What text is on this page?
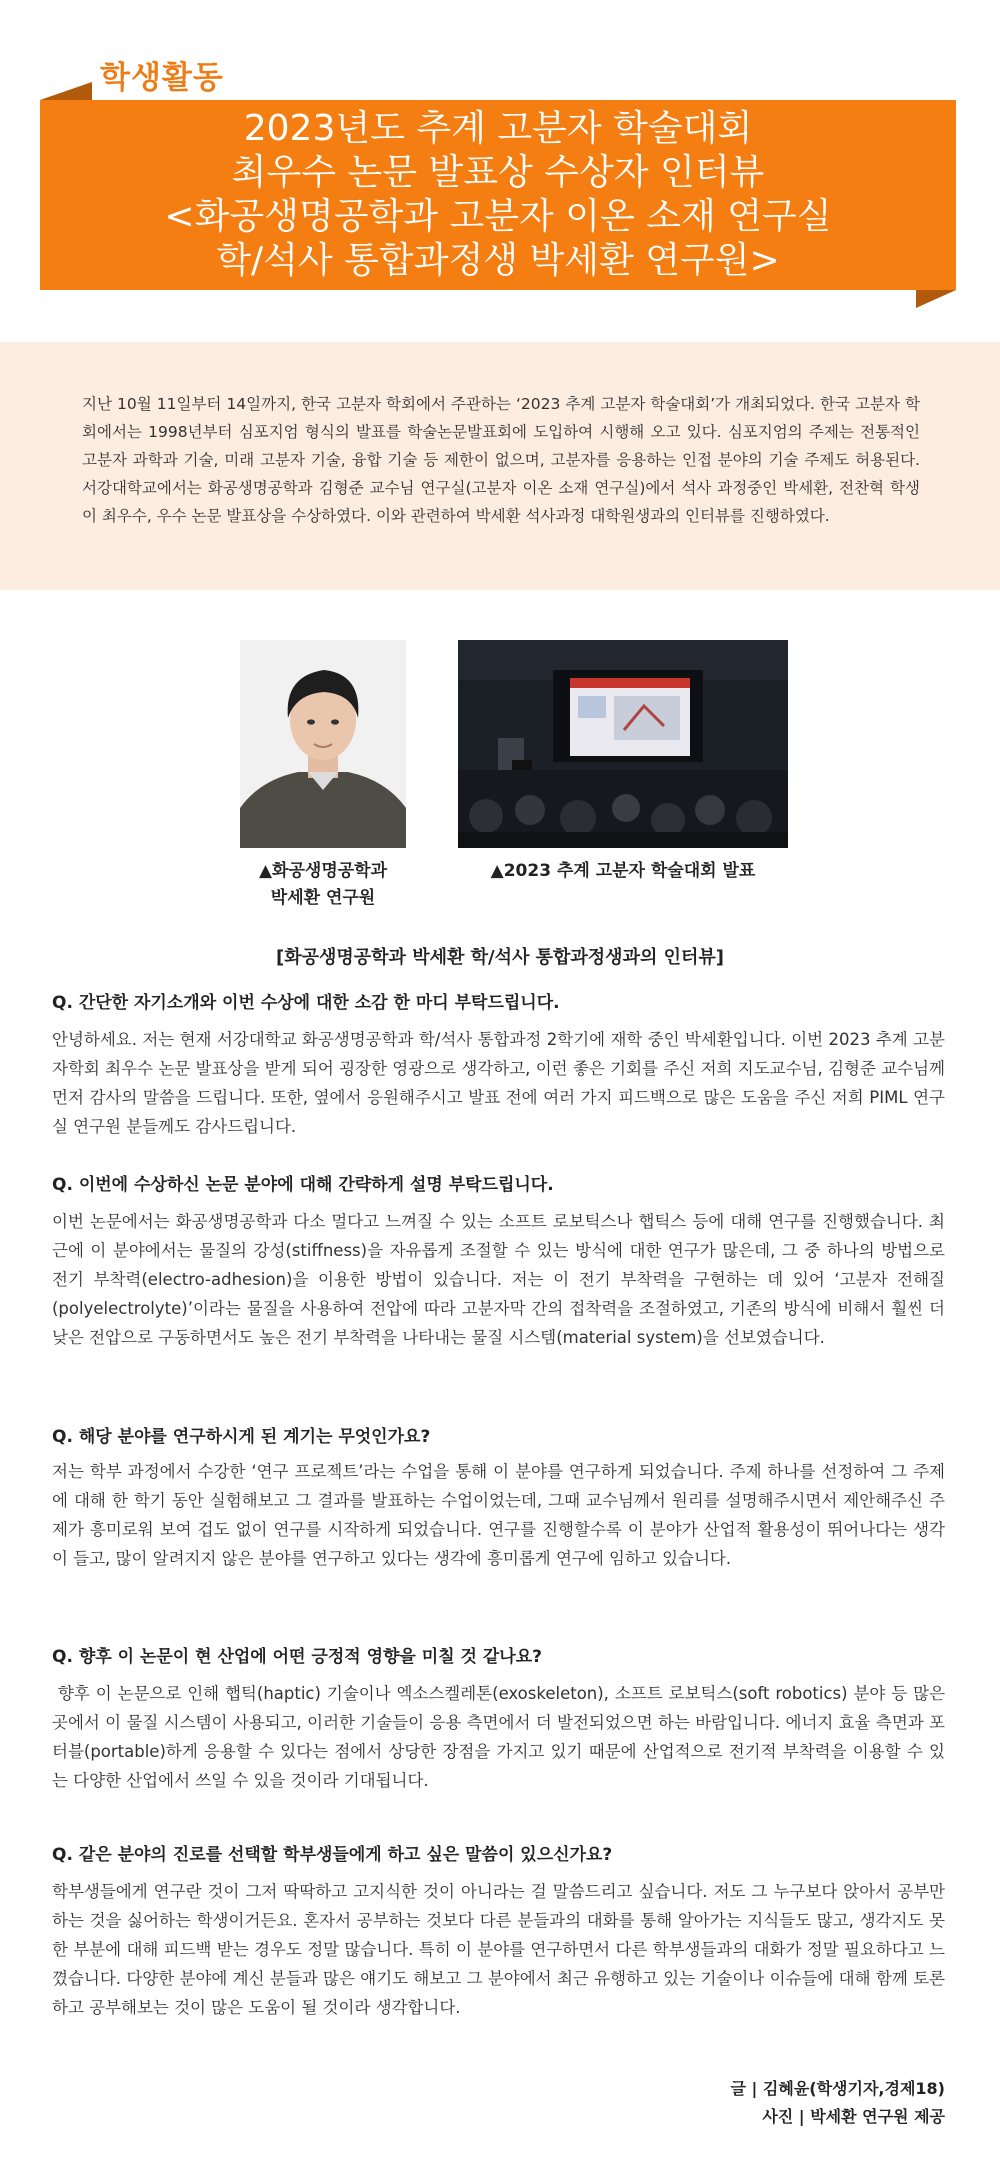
학생활동
2023년도 추계 고분자 학술대회
최우수 논문 발표상 수상자 인터뷰
<화공생명공학과 고분자 이온 소재 연구실
학/석사 통합과정생 박세환 연구원>

지난 10월 11일부터 14일까지, 한국 고분자 학회에서 주관하는 ‘2023 추계 고분자 학술대회’가 개최되었다. 한국 고분자 학회에서는 1998년부터 심포지엄 형식의 발표를 학술논문발표회에 도입하여 시행해 오고 있다. 심포지엄의 주제는 전통적인 고분자 과학과 기술, 미래 고분자 기술, 융합 기술 등 제한이 없으며, 고분자를 응용하는 인접 분야의 기술 주제도 허용된다. 서강대학교에서는 화공생명공학과 김형준 교수님 연구실(고분자 이온 소재 연구실)에서 석사 과정중인 박세환, 전찬혁 학생이 최우수, 우수 논문 발표상을 수상하였다. 이와 관련하여 박세환 석사과정 대학원생과의 인터뷰를 진행하였다.

▲화공생명공학과
박세환 연구원
▲2023 추계 고분자 학술대회 발표
[화공생명공학과 박세환 학/석사 통합과정생과의 인터뷰]
Q. 간단한 자기소개와 이번 수상에 대한 소감 한 마디 부탁드립니다.

안녕하세요. 저는 현재 서강대학교 화공생명공학과 학/석사 통합과정 2학기에 재학 중인 박세환입니다. 이번 2023 추계 고분자학회 최우수 논문 발표상을 받게 되어 굉장한 영광으로 생각하고, 이런 좋은 기회를 주신 저희 지도교수님, 김형준 교수님께 먼저 감사의 말씀을 드립니다. 또한, 옆에서 응원해주시고 발표 전에 여러 가지 피드백으로 많은 도움을 주신 저희 PIML 연구실 연구원 분들께도 감사드립니다.

Q. 이번에 수상하신 논문 분야에 대해 간략하게 설명 부탁드립니다.

이번 논문에서는 화공생명공학과 다소 멀다고 느껴질 수 있는 소프트 로보틱스나 햅틱스 등에 대해 연구를 진행했습니다. 최근에 이 분야에서는 물질의 강성(stiffness)을 자유롭게 조절할 수 있는 방식에 대한 연구가 많은데, 그 중 하나의 방법으로 전기 부착력(electro-adhesion)을 이용한 방법이 있습니다. 저는 이 전기 부착력을 구현하는 데 있어 ‘고분자 전해질(polyelectrolyte)’이라는 물질을 사용하여 전압에 따라 고분자막 간의 접착력을 조절하였고, 기존의 방식에 비해서 훨씬 더 낮은 전압으로 구동하면서도 높은 전기 부착력을 나타내는 물질 시스템(material system)을 선보였습니다.

Q. 해당 분야를 연구하시게 된 계기는 무엇인가요?

저는 학부 과정에서 수강한 ‘연구 프로젝트’라는 수업을 통해 이 분야를 연구하게 되었습니다. 주제 하나를 선정하여 그 주제에 대해 한 학기 동안 실험해보고 그 결과를 발표하는 수업이었는데, 그때 교수님께서 원리를 설명해주시면서 제안해주신 주제가 흥미로워 보여 겁도 없이 연구를 시작하게 되었습니다. 연구를 진행할수록 이 분야가 산업적 활용성이 뛰어나다는 생각이 들고, 많이 알려지지 않은 분야를 연구하고 있다는 생각에 흥미롭게 연구에 임하고 있습니다.

Q. 향후 이 논문이 현 산업에 어떤 긍정적 영향을 미칠 것 같나요?

향후 이 논문으로 인해 햅틱(haptic) 기술이나 엑소스켈레톤(exoskeleton), 소프트 로보틱스(soft robotics) 분야 등 많은 곳에서 이 물질 시스템이 사용되고, 이러한 기술들이 응용 측면에서 더 발전되었으면 하는 바람입니다. 에너지 효율 측면과 포터블(portable)하게 응용할 수 있다는 점에서 상당한 장점을 가지고 있기 때문에 산업적으로 전기적 부착력을 이용할 수 있는 다양한 산업에서 쓰일 수 있을 것이라 기대됩니다.

Q. 같은 분야의 진로를 선택할 학부생들에게 하고 싶은 말씀이 있으신가요?

학부생들에게 연구란 것이 그저 딱딱하고 고지식한 것이 아니라는 걸 말씀드리고 싶습니다. 저도 그 누구보다 앉아서 공부만 하는 것을 싫어하는 학생이거든요. 혼자서 공부하는 것보다 다른 분들과의 대화를 통해 알아가는 지식들도 많고, 생각지도 못한 부분에 대해 피드백 받는 경우도 정말 많습니다. 특히 이 분야를 연구하면서 다른 학부생들과의 대화가 정말 필요하다고 느꼈습니다. 다양한 분야에 계신 분들과 많은 얘기도 해보고 그 분야에서 최근 유행하고 있는 기술이나 이슈들에 대해 함께 토론하고 공부해보는 것이 많은 도움이 될 것이라 생각합니다.

글 | 김혜윤(학생기자,경제18)
사진 | 박세환 연구원 제공
